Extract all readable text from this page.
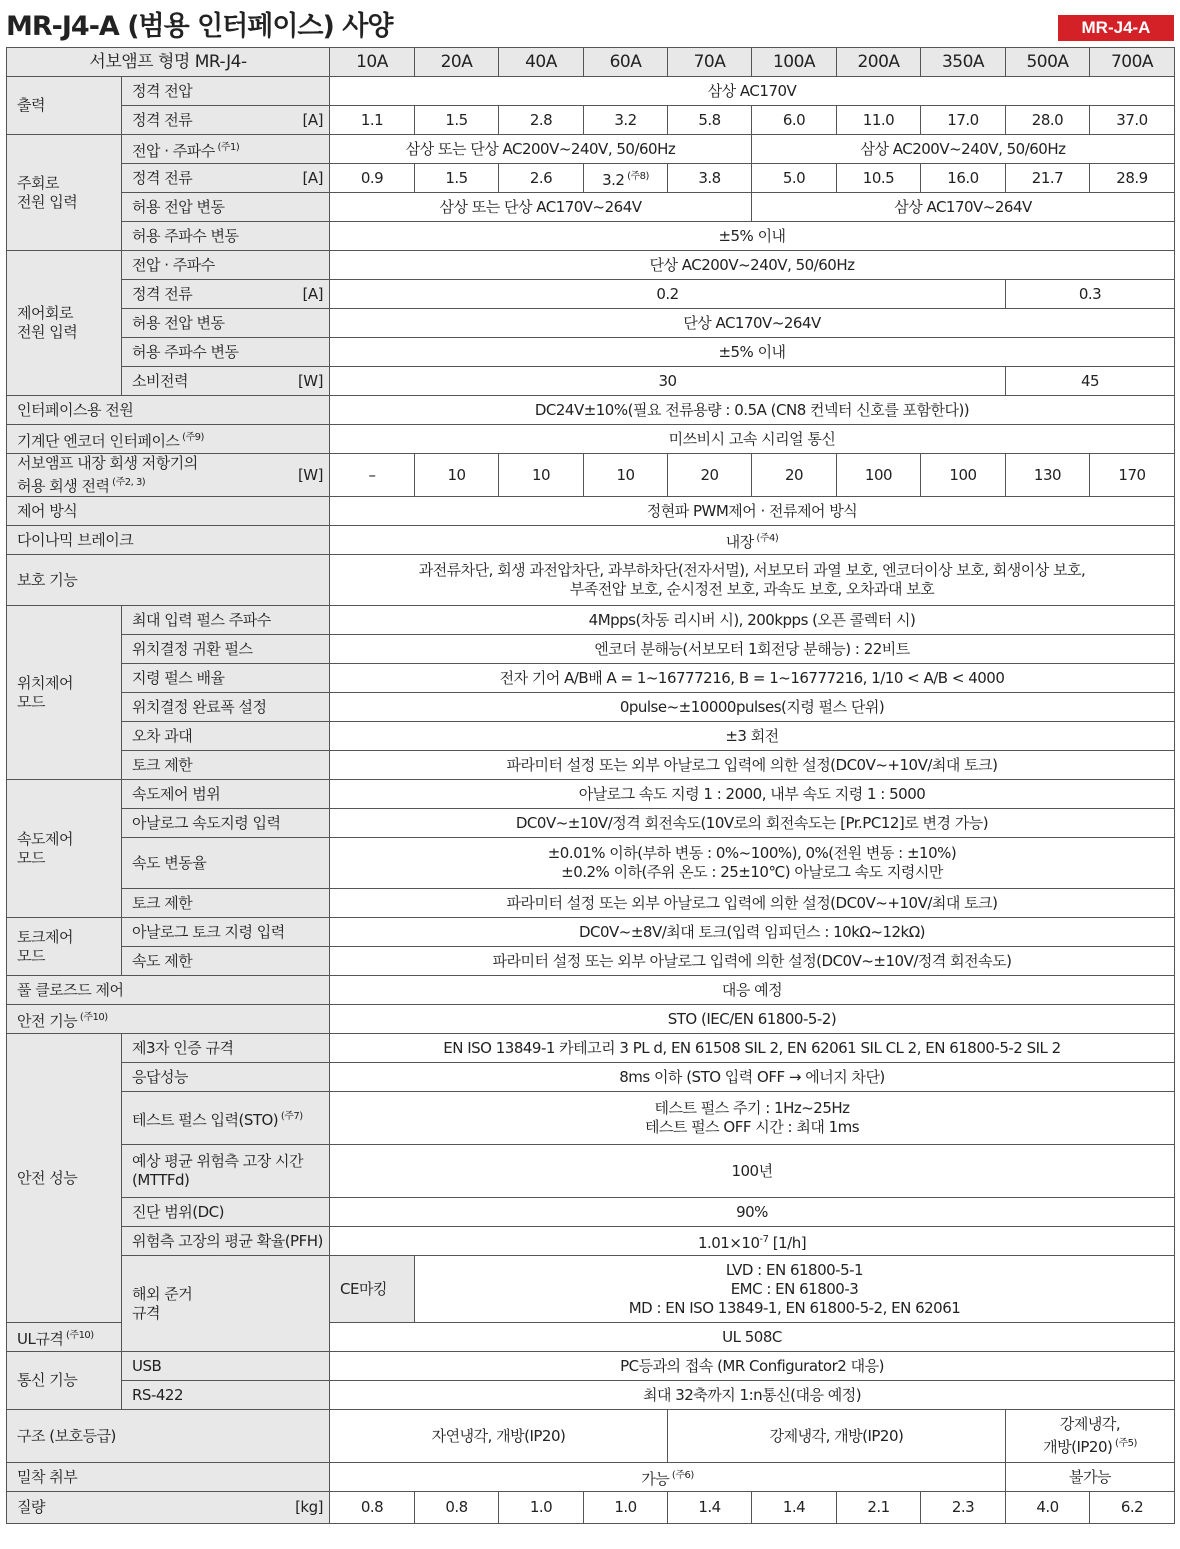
MR-J4-A (범용 인터페이스) 사양	MR-J4-A
서보앰프 형명 MR-J4-		10A	20A	40A	60A	70A	100A	200A	350A	500A	700A
출력	정격 전압	삼상 AC170V									

	정격 전류 [A]	1.1	1.5	2.8	3.2	5.8	6.0	11.0	17.0	28.0	37.0
주회로
전원 입력	전압 · 주파수 $^{(주1)}$	삼상 또는 단상 AC200V~240V, 50/60Hz					삼상 AC200V~240V, 50/60Hz				

	정격 전류 [A]	0.9	1.5	2.6	3.2 $^{(주8)}$	3.8	5.0	10.5	16.0	21.7	28.9
	허용 전압 변동	삼상 또는 단상 AC170V~264V					삼상 AC170V~264V				
	허용 주파수 변동	±5% 이내									
제어회로
전원 입력	전압 · 주파수	단상 AC200V~240V, 50/60Hz									

	정격 전류 [A]	0.2								0.3	
	허용 전압 변동	단상 AC170V~264V									
	허용 주파수 변동	±5% 이내									

	소비전력 [W]	30								45	
인터페이스용 전원		DC24V±10%(필요 전류용량 : 0.5A (CN8 컨넥터 신호를 포함한다))									
기계단 엔코더 인터페이스 $^{(주9)}$		미쓰비시 고속 시리얼 통신									

서보앰프 내장 회생 저항기의
허용 회생 전력 $^{(주2, 3)}$ [W]		–	10	10	10	20	20	100	100	130	170
제어 방식		정현파 PWM제어 · 전류제어 방식									
다이나믹 브레이크		내장 $^{(주4)}$
보호 기능		과전류차단, 회생 과전압차단, 과부하차단(전자서멀), 서보모터 과열 보호, 엔코더이상 보호, 회생이상 보호,
부족전압 보호, 순시정전 보호, 과속도 보호, 오차과대 보호									
위치제어
모드	최대 입력 펄스 주파수	4Mpps(차동 리시버 시), 200kpps (오픈 콜렉터 시)									
	위치결정 귀환 펄스	엔코더 분해능(서보모터 1회전당 분해능) : 22비트									
	지령 펄스 배율	전자 기어 A/B배 A = 1~16777216, B = 1~16777216, 1/10 < A/B < 4000									
	위치결정 완료폭 설정	0pulse~±10000pulses(지령 펄스 단위)									
	오차 과대	±3 회전									
	토크 제한	파라미터 설정 또는 외부 아날로그 입력에 의한 설정(DC0V~+10V/최대 토크)									
속도제어
모드	속도제어 범위	아날로그 속도 지령 1 : 2000, 내부 속도 지령 1 : 5000									
	아날로그 속도지령 입력	DC0V~±10V/정격 회전속도(10V로의 회전속도는 [Pr.PC12]로 변경 가능)									
	속도 변동율	±0.01% 이하(부하 변동 : 0%~100%), 0%(전원 변동 : ±10%)
±0.2% 이하(주위 온도 : 25±10℃) 아날로그 속도 지령시만									
	토크 제한	파라미터 설정 또는 외부 아날로그 입력에 의한 설정(DC0V~+10V/최대 토크)									
토크제어
모드	아날로그 토크 지령 입력	DC0V~±8V/최대 토크(입력 임피던스 : 10kΩ~12kΩ)									
	속도 제한	파라미터 설정 또는 외부 아날로그 입력에 의한 설정(DC0V~±10V/정격 회전속도)									
풀 클로즈드 제어		대응 예정									
안전 기능 $^{(주10)}$		STO (IEC/EN 61800-5-2)									
안전 성능	제3자 인증 규격	EN ISO 13849-1 카테고리 3 PL d, EN 61508 SIL 2, EN 62061 SIL CL 2, EN 61800-5-2 SIL 2									
	응답성능	8ms 이하 (STO 입력 OFF → 에너지 차단)									
	테스트 펄스 입력(STO) $^{(주7)}$	테스트 펄스 주기 : 1Hz~25Hz
테스트 펄스 OFF 시간 : 최대 1ms									
	예상 평균 위험측 고장 시간
(MTTFd)	100년									
	진단 범위(DC)	90%									
	위험측 고장의 평균 확율(PFH)	$1.01\times 10^{-7}$ [1/h]									
	해외 준거
규격	CE마킹	LVD : EN 61800-5-1
EMC : EN 61800-3
MD : EN ISO 13849-1, EN 61800-5-2, EN 62061								
UL규격 $^{(주10)}$		UL 508C									
통신 기능	USB	PC등과의 접속 (MR Configurator2 대응)									
	RS-422	최대 32축까지 1:n통신(대응 예정)									
구조 (보호등급)		자연냉각, 개방(IP20)				강제냉각, 개방(IP20)				강제냉각,
개방(IP20) $^{(주5)}$
밀착 취부		가능 $^{(주6)}$								불가능	

질량 [kg]		0.8	0.8	1.0	1.0	1.4	1.4	2.1	2.3	4.0	6.2
